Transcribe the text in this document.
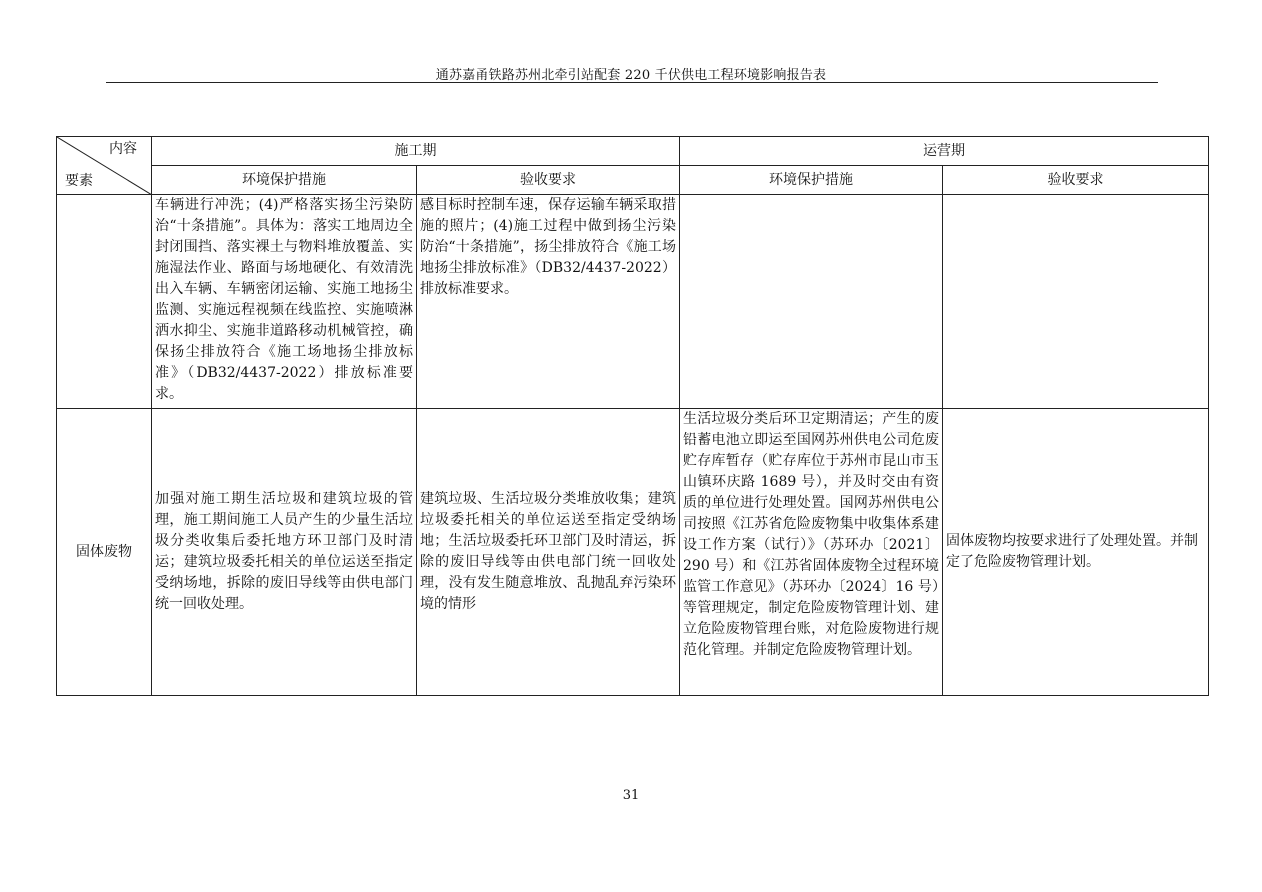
通苏嘉甬铁路苏州北牵引站配套 220 千伏供电工程环境影响报告表
内容
要素	施工期		运营期	
	环境保护措施	验收要求	环境保护措施	验收要求
	车辆进行冲洗；(4)严格落实扬尘污染防治“十条措施”。具体为：落实工地周边全封闭围挡、落实裸土与物料堆放覆盖、实施湿法作业、路面与场地硬化、有效清洗出入车辆、车辆密闭运输、实施工地扬尘监测、实施远程视频在线监控、实施喷淋洒水抑尘、实施非道路移动机械管控，确保扬尘排放符合《施工场地扬尘排放标准》（DB32/4437-2022）排放标准要求。	感目标时控制车速，保存运输车辆采取措施的照片；(4)施工过程中做到扬尘污染防治“十条措施”，扬尘排放符合《施工场地扬尘排放标准》（DB32/4437-2022）排放标准要求。		
固体废物	加强对施工期生活垃圾和建筑垃圾的管理，施工期间施工人员产生的少量生活垃圾分类收集后委托地方环卫部门及时清运；建筑垃圾委托相关的单位运送至指定受纳场地，拆除的废旧导线等由供电部门统一回收处理。	建筑垃圾、生活垃圾分类堆放收集；建筑垃圾委托相关的单位运送至指定受纳场地；生活垃圾委托环卫部门及时清运，拆除的废旧导线等由供电部门统一回收处理，没有发生随意堆放、乱抛乱弃污染环境的情形	生活垃圾分类后环卫定期清运；产生的废铅蓄电池立即运至国网苏州供电公司危废贮存库暂存（贮存库位于苏州市昆山市玉山镇环庆路 1689 号），并及时交由有资质的单位进行处理处置。国网苏州供电公司按照《江苏省危险废物集中收集体系建设工作方案（试行）》（苏环办〔2021〕290 号）和《江苏省固体废物全过程环境监管工作意见》（苏环办〔2024〕16 号）等管理规定，制定危险废物管理计划、建立危险废物管理台账，对危险废物进行规范化管理。并制定危险废物管理计划。	固体废物均按要求进行了处理处置。并制定了危险废物管理计划。
31
